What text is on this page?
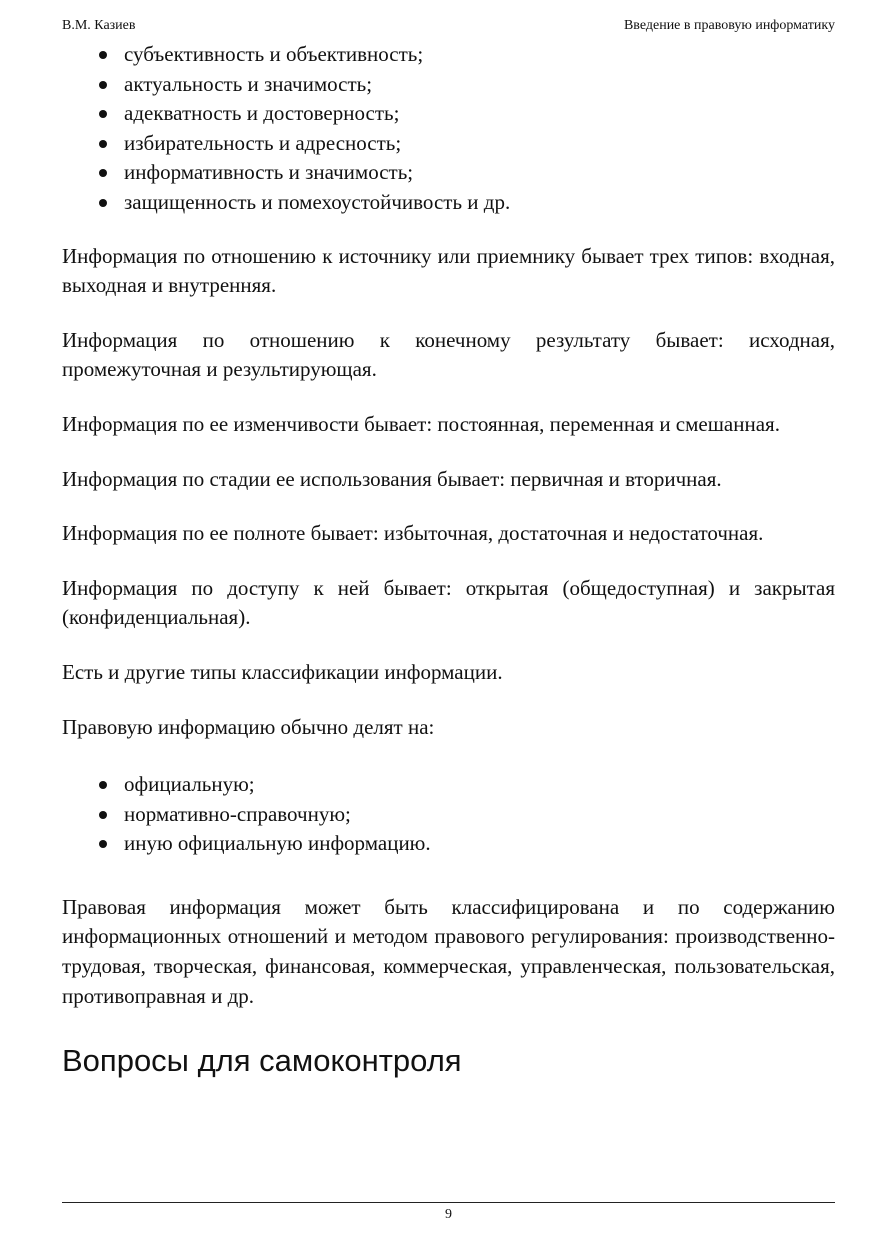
В.М. Казиев	Введение в правовую информатику
субъективность и объективность;
актуальность и значимость;
адекватность и достоверность;
избирательность и адресность;
информативность и значимость;
защищенность и помехоустойчивость и др.

Информация по отношению к источнику или приемнику бывает трех типов: входная, выходная и внутренняя.

Информация по отношению к конечному результату бывает: исходная, промежуточная и результирующая.

Информация по ее изменчивости бывает: постоянная, переменная и смешанная.

Информация по стадии ее использования бывает: первичная и вторичная.

Информация по ее полноте бывает: избыточная, достаточная и недостаточная.

Информация по доступу к ней бывает: открытая (общедоступная) и закрытая (конфиденциальная).

Есть и другие типы классификации информации.

Правовую информацию обычно делят на:

официальную;
нормативно-справочную;
иную официальную информацию.

Правовая информация может быть классифицирована и по содержанию информационных отношений и методом правового регулирования: производственно-трудовая, творческая, финансовая, коммерческая, управленческая, пользовательская, противоправная и др.

Вопросы для самоконтроля
9
